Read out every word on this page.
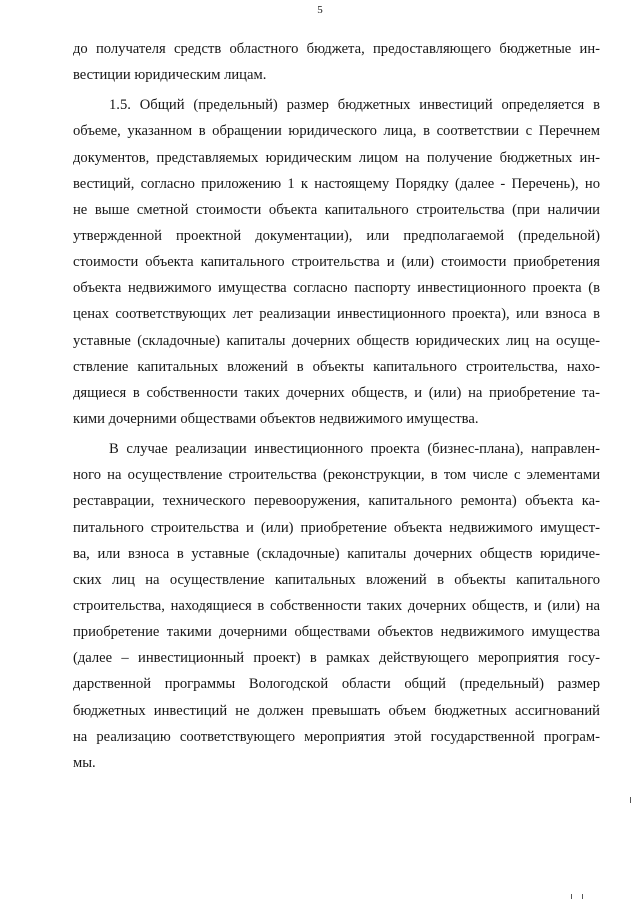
5
до получателя средств областного бюджета, предоставляющего бюджетные ин-
вестиции юридическим лицам.
1.5. Общий (предельный) размер бюджетных инвестиций определяется в
объеме, указанном в обращении юридического лица, в соответствии с Перечнем
документов, представляемых юридическим лицом на получение бюджетных ин-
вестиций, согласно приложению 1 к настоящему Порядку (далее - Перечень), но
не выше сметной стоимости объекта капитального строительства (при наличии
утвержденной проектной документации), или предполагаемой (предельной)
стоимости объекта капитального строительства и (или) стоимости приобретения
объекта недвижимого имущества согласно паспорту инвестиционного проекта (в
ценах соответствующих лет реализации инвестиционного проекта), или взноса в
уставные (складочные) капиталы дочерних обществ юридических лиц на осуще-
ствление капитальных вложений в объекты капитального строительства, нахо-
дящиеся в собственности таких дочерних обществ, и (или) на приобретение та-
кими дочерними обществами объектов недвижимого имущества.
В случае реализации инвестиционного проекта (бизнес-плана), направлен-
ного на осуществление строительства (реконструкции, в том числе с элементами
реставрации, технического перевооружения, капитального ремонта) объекта ка-
питального строительства и (или) приобретение объекта недвижимого имущест-
ва, или взноса в уставные (складочные) капиталы дочерних обществ юридиче-
ских лиц на осуществление капитальных вложений в объекты капитального
строительства, находящиеся в собственности таких дочерних обществ, и (или) на
приобретение такими дочерними обществами объектов недвижимого имущества
(далее – инвестиционный проект) в рамках действующего мероприятия госу-
дарственной программы Вологодской области общий (предельный) размер
бюджетных инвестиций не должен превышать объем бюджетных ассигнований
на реализацию соответствующего мероприятия этой государственной програм-
мы.
